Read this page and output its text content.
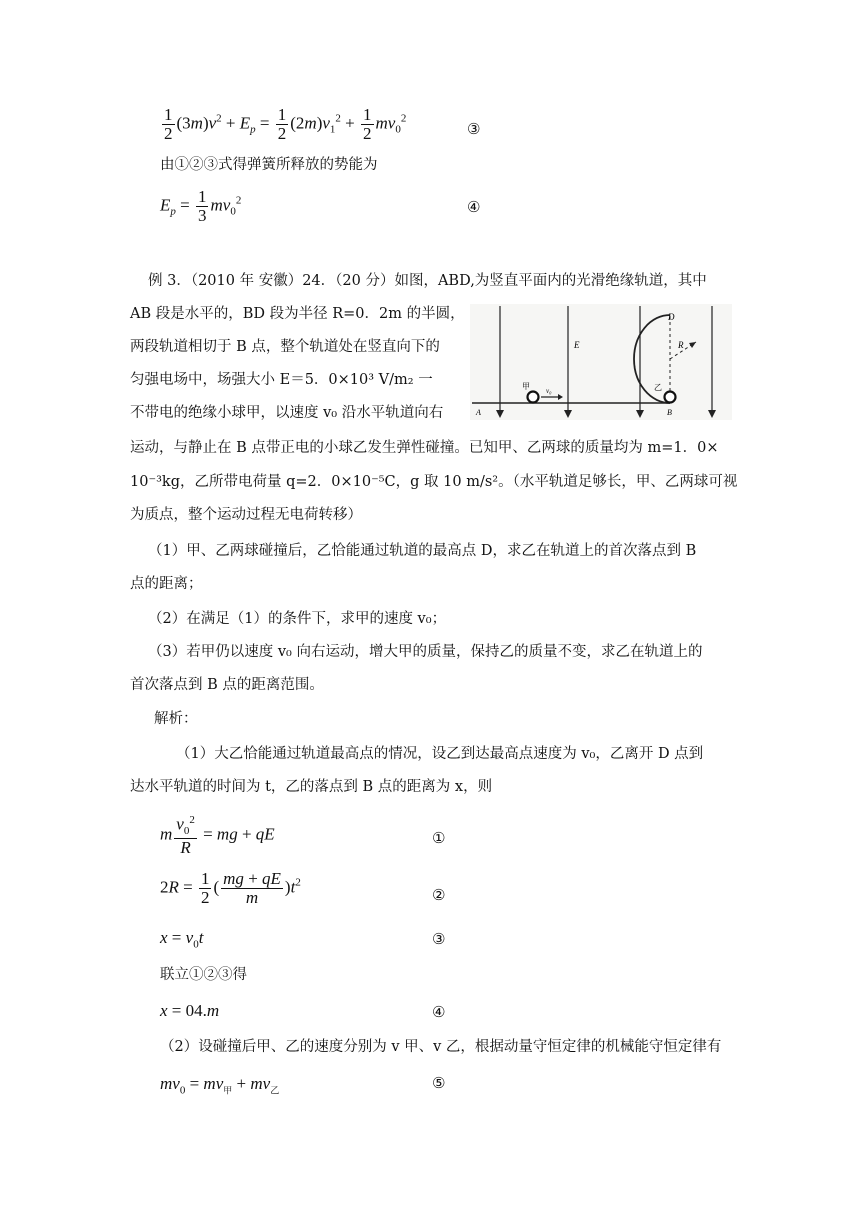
$\frac{1}{2} (3m)v^2 + E_p = \frac{1}{2} (2m)v_1^2 + \frac{1}{2} mv_0^2$
③
由①②③式得弹簧所释放的势能为
$E_p = \frac{1}{3} mv_0^2$	④
例 3．（2010 年 安徽）24．（20 分）如图，ABD,为竖直平面内的光滑绝缘轨道，其中
AB 段是水平的，BD 段为半径 R=0．2m 的半圆，
两段轨道相切于 B 点，整个轨道处在竖直向下的
匀强电场中，场强大小 E＝5．0×10³ V/m₂ 一
不带电的绝缘小球甲，以速度 v₀ 沿水平轨道向右
运动，与静止在 B 点带正电的小球乙发生弹性碰撞。已知甲、乙两球的质量均为 m=1．0×
10⁻³kg，乙所带电荷量 q=2．0×10⁻⁵C，g 取 10 m/s²。（水平轨道足够长，甲、乙两球可视
为质点，整个运动过程无电荷转移）
（1）甲、乙两球碰撞后，乙恰能通过轨道的最高点 D，求乙在轨道上的首次落点到 B
点的距离；
（2）在满足（1）的条件下，求甲的速度 v₀；
（3）若甲仍以速度 v₀ 向右运动，增大甲的质量，保持乙的质量不变，求乙在轨道上的
首次落点到 B 点的距离范围。
E
D
R
甲	乙
A	B
v₀
解析：
（1）大乙恰能通过轨道最高点的情况，设乙到达最高点速度为 v₀，乙离开 D 点到
达水平轨道的时间为 t，乙的落点到 B 点的距离为 x，则
m $\frac{v_0^2}{R}$ = mg + qE	①
$2R = \frac{1}{2}$ ( $\frac{mg + qE}{m} )t^2$
②
$x = v_0t$	③
联立①②③得
x = 04.m	④
（2）设碰撞后甲、乙的速度分别为 v 甲、v 乙，根据动量守恒定律的机械能守恒定律有
$mv_0 = mv_甲 + mv_乙$	⑤
